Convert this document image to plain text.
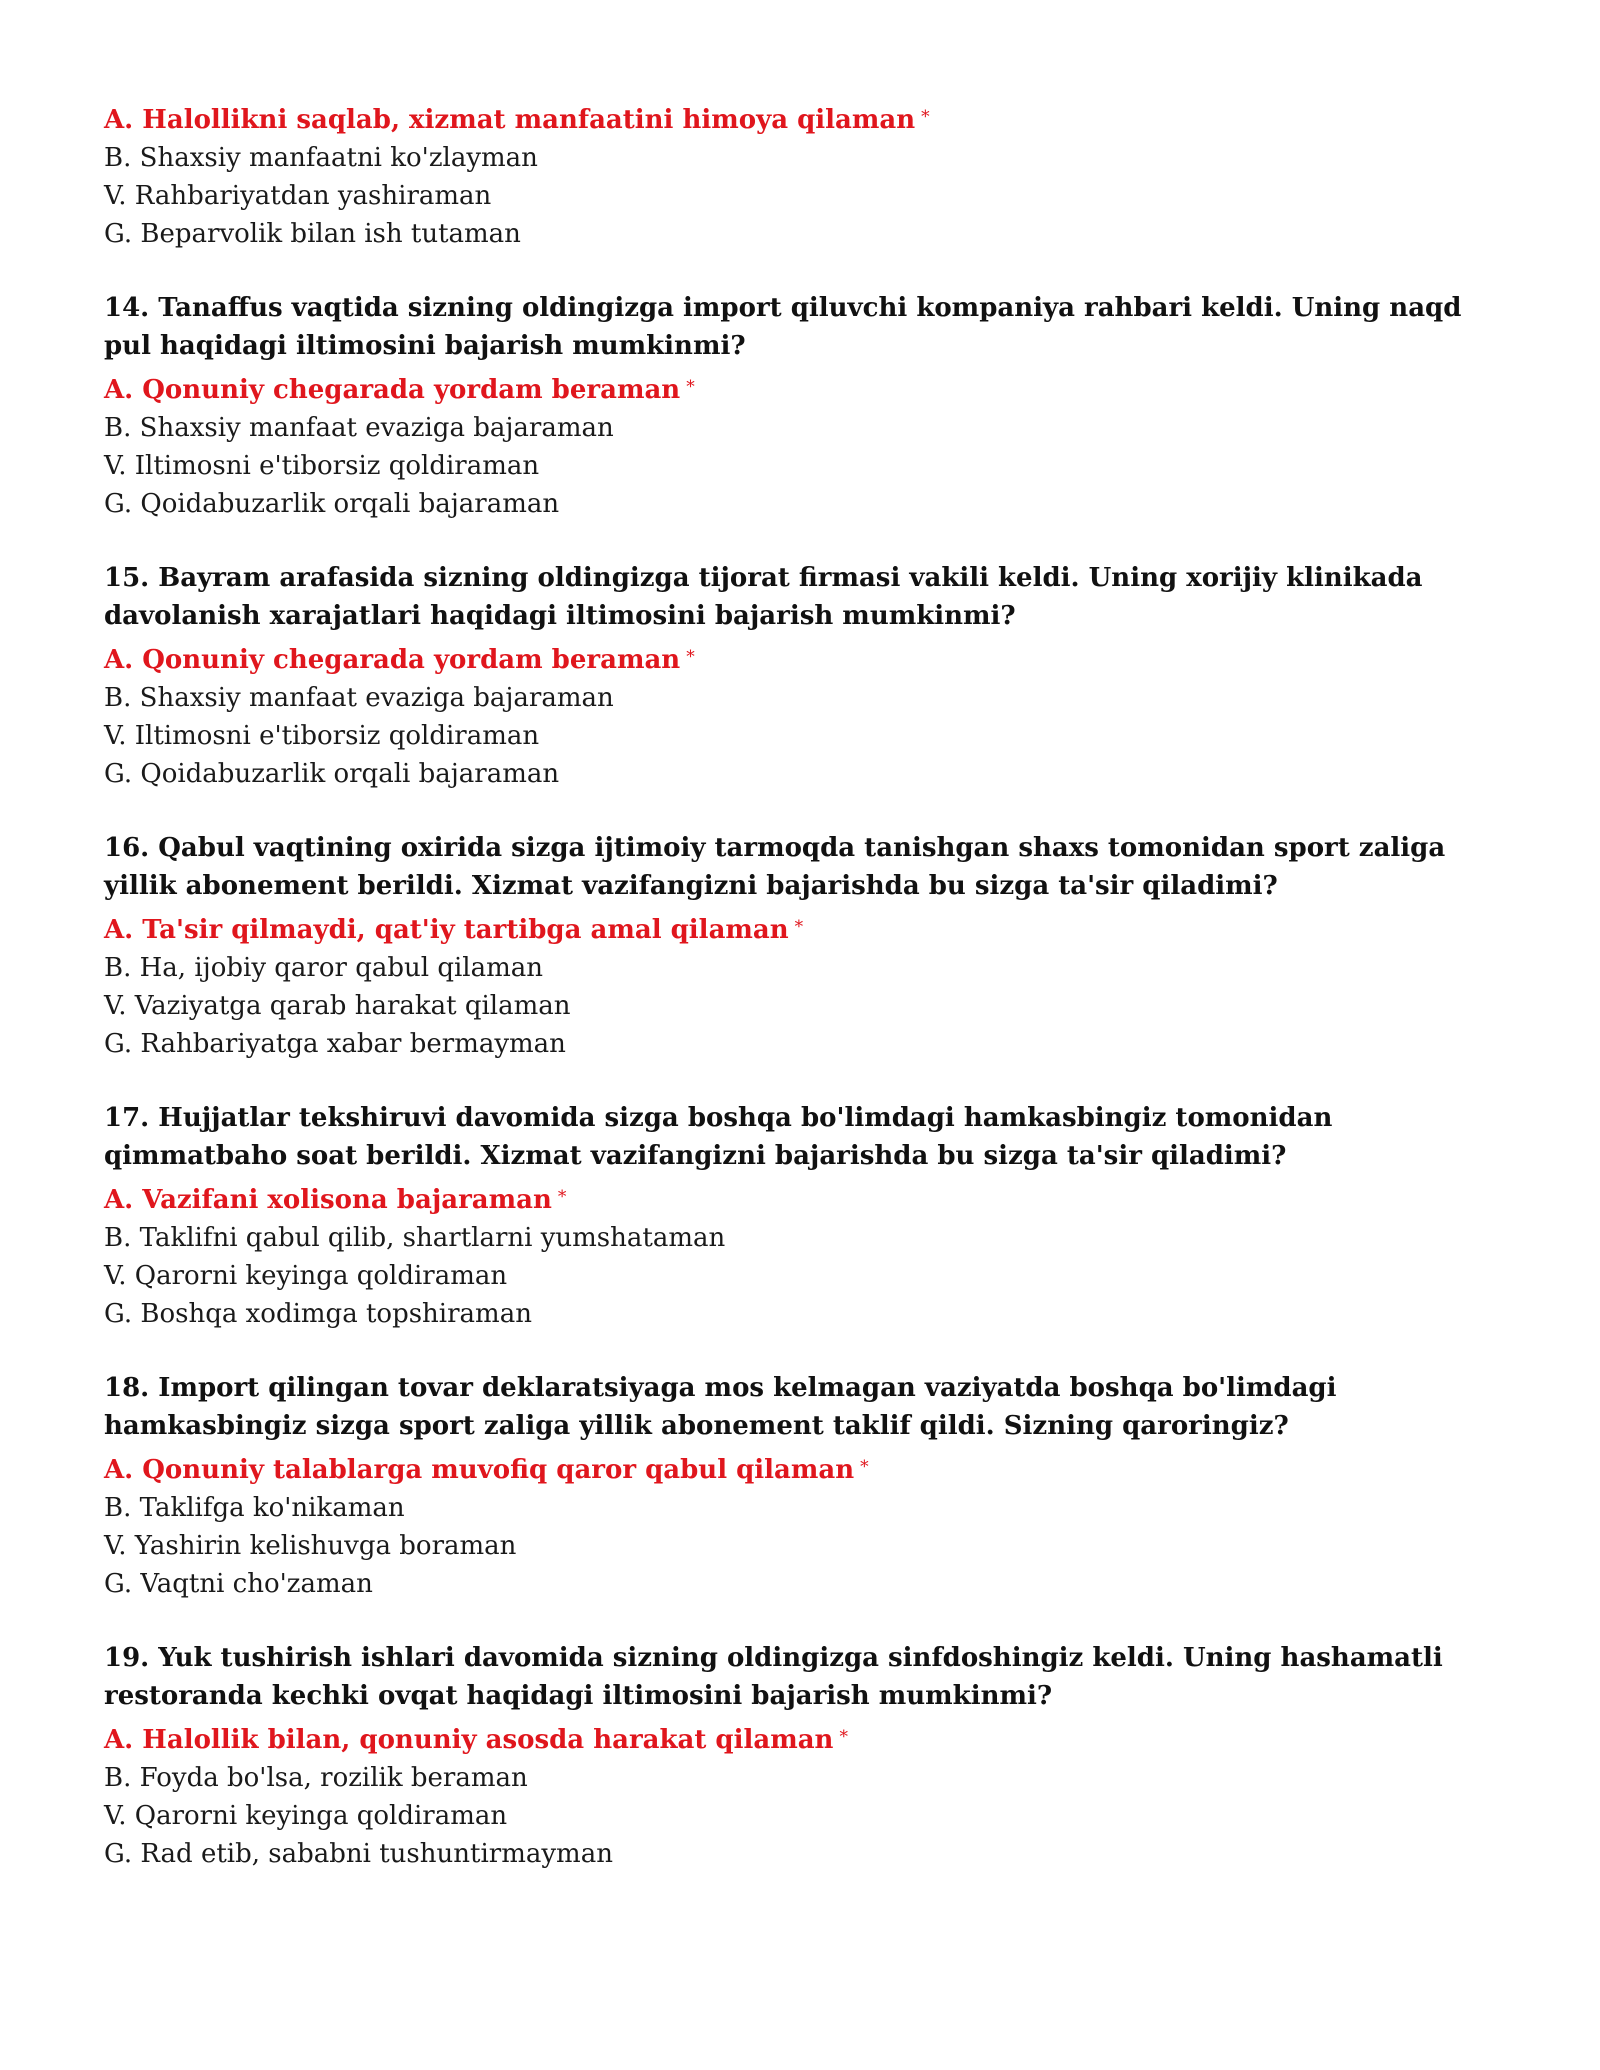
A. Halollikni saqlab, xizmat manfaatini himoya qilaman *

B. Shaxsiy manfaatni ko'zlayman

V. Rahbariyatdan yashiraman

G. Beparvolik bilan ish tutaman

14. Tanaffus vaqtida sizning oldingizga import qiluvchi kompaniya rahbari keldi. Uning naqd pul haqidagi iltimosini bajarish mumkinmi?

A. Qonuniy chegarada yordam beraman *

B. Shaxsiy manfaat evaziga bajaraman

V. Iltimosni e'tiborsiz qoldiraman

G. Qoidabuzarlik orqali bajaraman

15. Bayram arafasida sizning oldingizga tijorat firmasi vakili keldi. Uning xorijiy klinikada davolanish xarajatlari haqidagi iltimosini bajarish mumkinmi?

A. Qonuniy chegarada yordam beraman *

B. Shaxsiy manfaat evaziga bajaraman

V. Iltimosni e'tiborsiz qoldiraman

G. Qoidabuzarlik orqali bajaraman

16. Qabul vaqtining oxirida sizga ijtimoiy tarmoqda tanishgan shaxs tomonidan sport zaliga yillik abonement berildi. Xizmat vazifangizni bajarishda bu sizga ta'sir qiladimi?

A. Ta'sir qilmaydi, qat'iy tartibga amal qilaman *

B. Ha, ijobiy qaror qabul qilaman

V. Vaziyatga qarab harakat qilaman

G. Rahbariyatga xabar bermayman

17. Hujjatlar tekshiruvi davomida sizga boshqa bo'limdagi hamkasbingiz tomonidan qimmatbaho soat berildi. Xizmat vazifangizni bajarishda bu sizga ta'sir qiladimi?

A. Vazifani xolisona bajaraman *

B. Taklifni qabul qilib, shartlarni yumshataman

V. Qarorni keyinga qoldiraman

G. Boshqa xodimga topshiraman

18. Import qilingan tovar deklaratsiyaga mos kelmagan vaziyatda boshqa bo'limdagi hamkasbingiz sizga sport zaliga yillik abonement taklif qildi. Sizning qaroringiz?

A. Qonuniy talablarga muvofiq qaror qabul qilaman *

B. Taklifga ko'nikaman

V. Yashirin kelishuvga boraman

G. Vaqtni cho'zaman

19. Yuk tushirish ishlari davomida sizning oldingizga sinfdoshingiz keldi. Uning hashamatli restoranda kechki ovqat haqidagi iltimosini bajarish mumkinmi?

A. Halollik bilan, qonuniy asosda harakat qilaman *

B. Foyda bo'lsa, rozilik beraman

V. Qarorni keyinga qoldiraman

G. Rad etib, sababni tushuntirmayman
